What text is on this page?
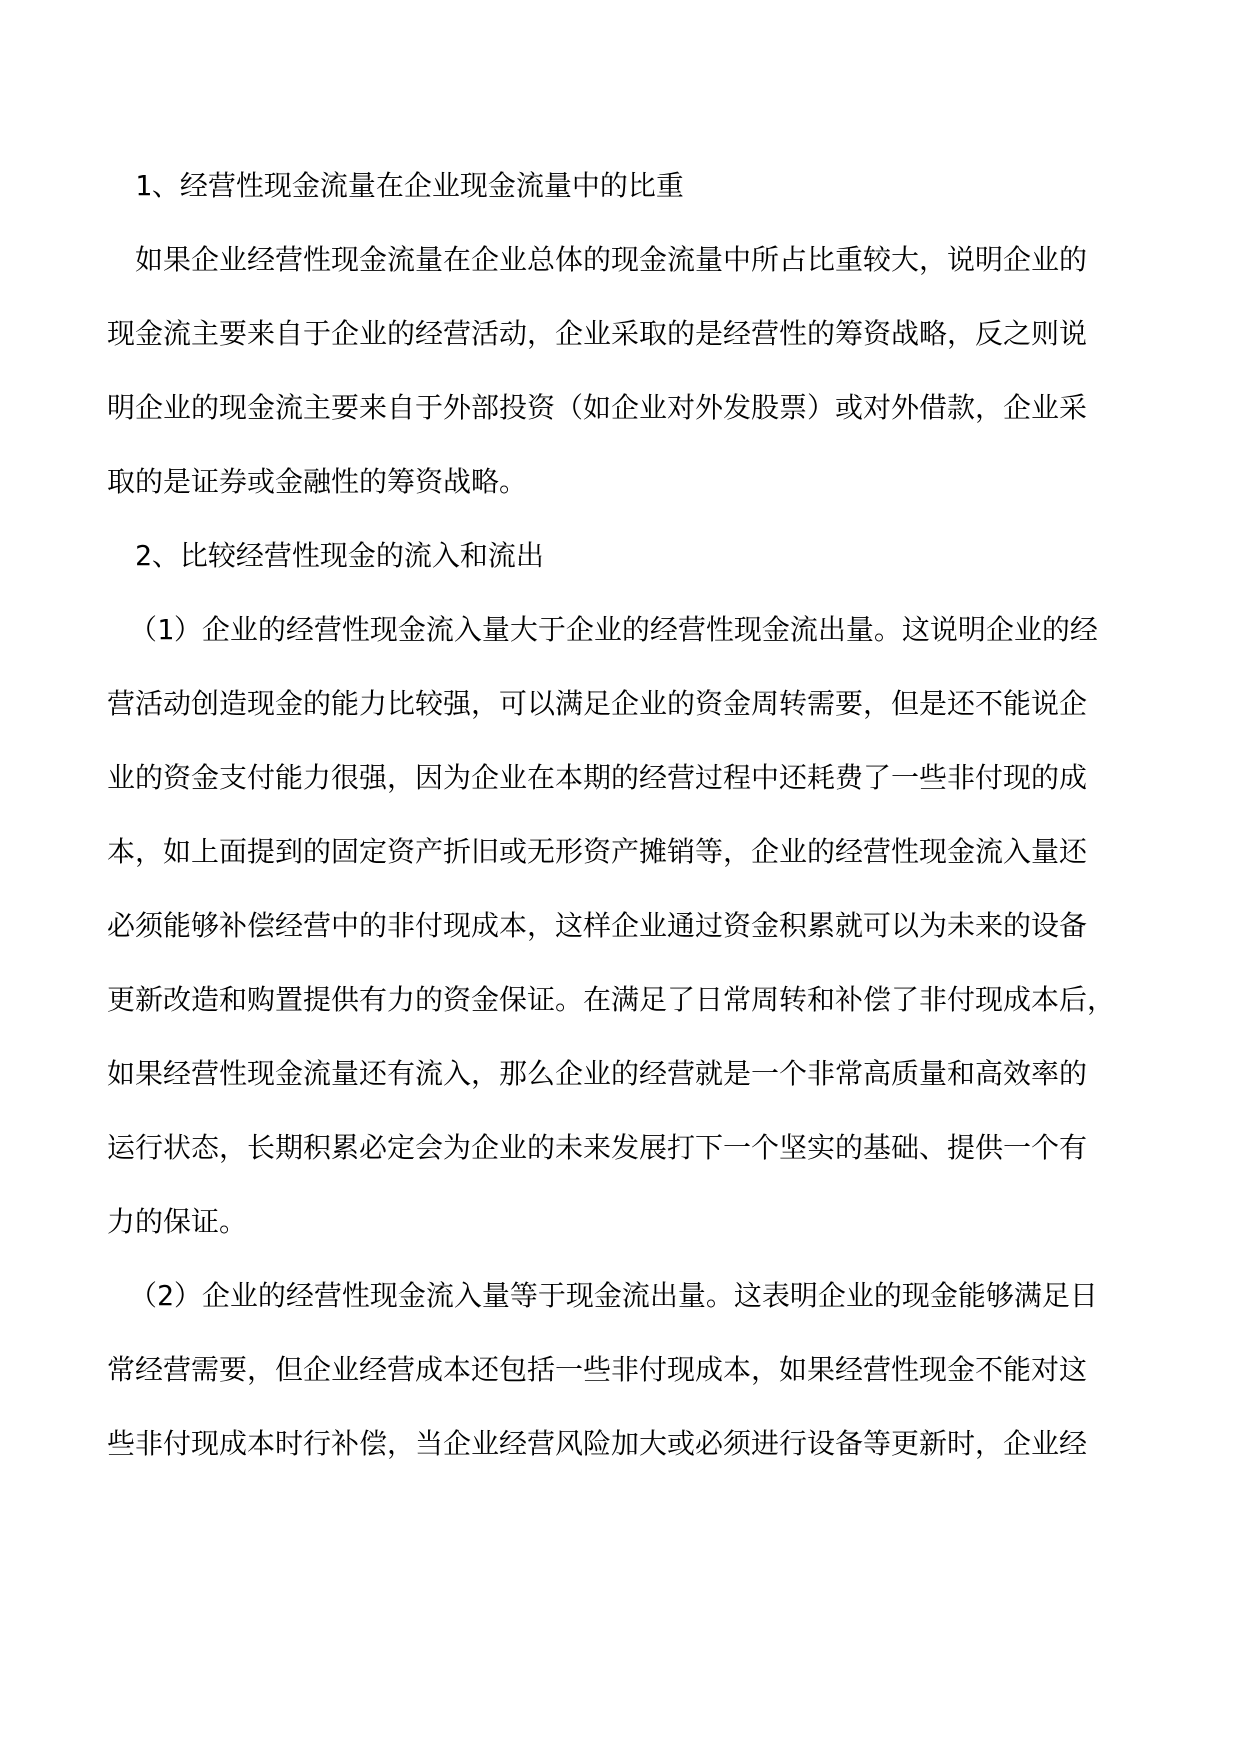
1、经营性现金流量在企业现金流量中的比重
如果企业经营性现金流量在企业总体的现金流量中所占比重较大，说明企业的
现金流主要来自于企业的经营活动，企业采取的是经营性的筹资战略，反之则说
明企业的现金流主要来自于外部投资（如企业对外发股票）或对外借款，企业采
取的是证券或金融性的筹资战略。
2、比较经营性现金的流入和流出
（1）企业的经营性现金流入量大于企业的经营性现金流出量。这说明企业的经
营活动创造现金的能力比较强，可以满足企业的资金周转需要，但是还不能说企
业的资金支付能力很强，因为企业在本期的经营过程中还耗费了一些非付现的成
本，如上面提到的固定资产折旧或无形资产摊销等，企业的经营性现金流入量还
必须能够补偿经营中的非付现成本，这样企业通过资金积累就可以为未来的设备
更新改造和购置提供有力的资金保证。在满足了日常周转和补偿了非付现成本后，
如果经营性现金流量还有流入，那么企业的经营就是一个非常高质量和高效率的
运行状态，长期积累必定会为企业的未来发展打下一个坚实的基础、提供一个有
力的保证。
（2）企业的经营性现金流入量等于现金流出量。这表明企业的现金能够满足日
常经营需要，但企业经营成本还包括一些非付现成本，如果经营性现金不能对这
些非付现成本时行补偿，当企业经营风险加大或必须进行设备等更新时，企业经
